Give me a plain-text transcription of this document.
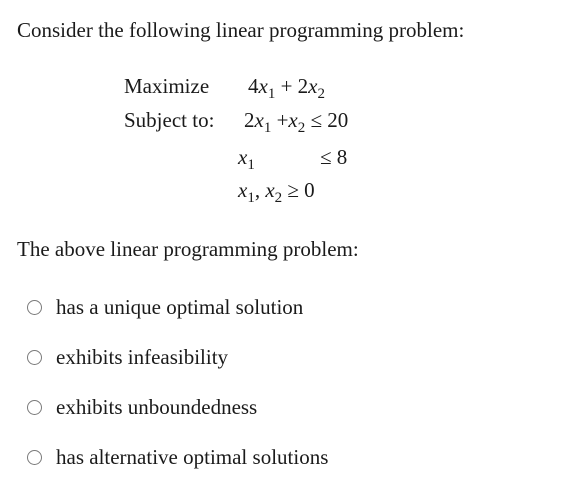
Consider the following linear programming problem:
Maximize $4x_1 + 2x_2$
Subject to: $2x_1 +x_2 \le 20$
$x_1$	≤ 8
$x_1$, $x_2 \ge 0$
The above linear programming problem:
has a unique optimal solution
exhibits infeasibility
exhibits unboundedness
has alternative optimal solutions
